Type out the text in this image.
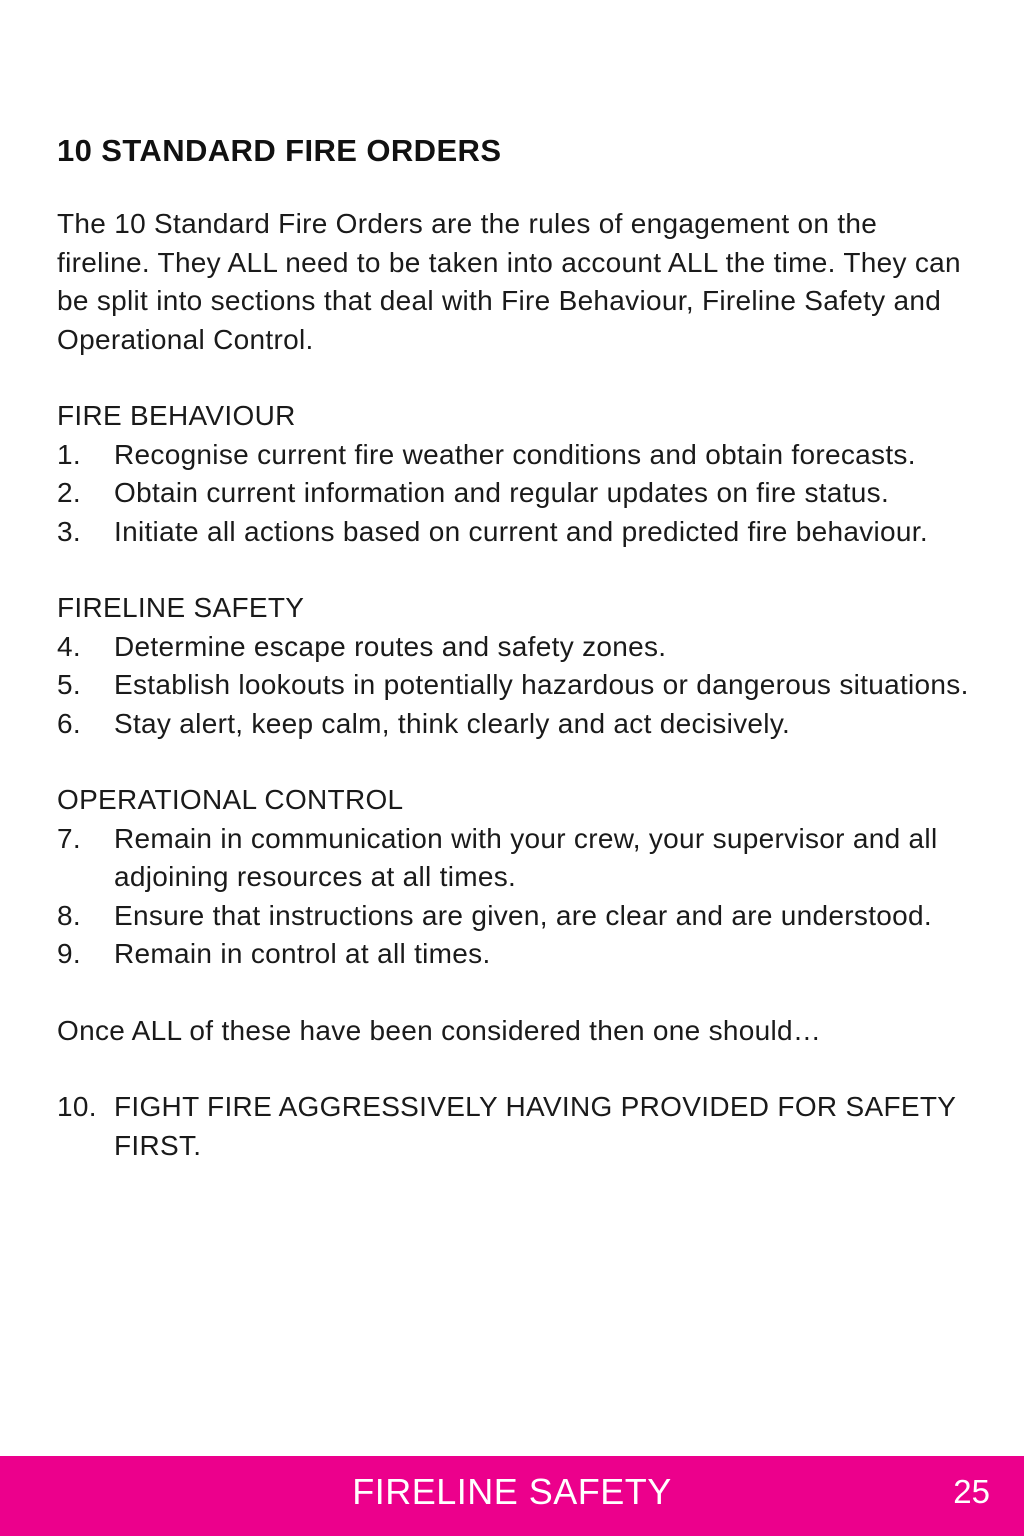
10 STANDARD FIRE ORDERS

The 10 Standard Fire Orders are the rules of engagement on the fireline. They ALL need to be taken into account ALL the time. They can be split into sections that deal with Fire Behaviour, Fireline Safety and Operational Control.

FIRE BEHAVIOUR

1.	Recognise current fire weather conditions and obtain forecasts.
2.	Obtain current information and regular updates on fire status.
3.	Initiate all actions based on current and predicted fire behaviour.

FIRELINE SAFETY

4.	Determine escape routes and safety zones.
5.	Establish lookouts in potentially hazardous or dangerous situations.
6.	Stay alert, keep calm, think clearly and act decisively.

OPERATIONAL CONTROL

7.	Remain in communication with your crew, your supervisor and all adjoining resources at all times.
8.	Ensure that instructions are given, are clear and are understood.
9.	Remain in control at all times.

Once ALL of these have been considered then one should…

10. FIGHT FIRE AGGRESSIVELY HAVING PROVIDED FOR SAFETY FIRST.
FIRELINE SAFETY	25
